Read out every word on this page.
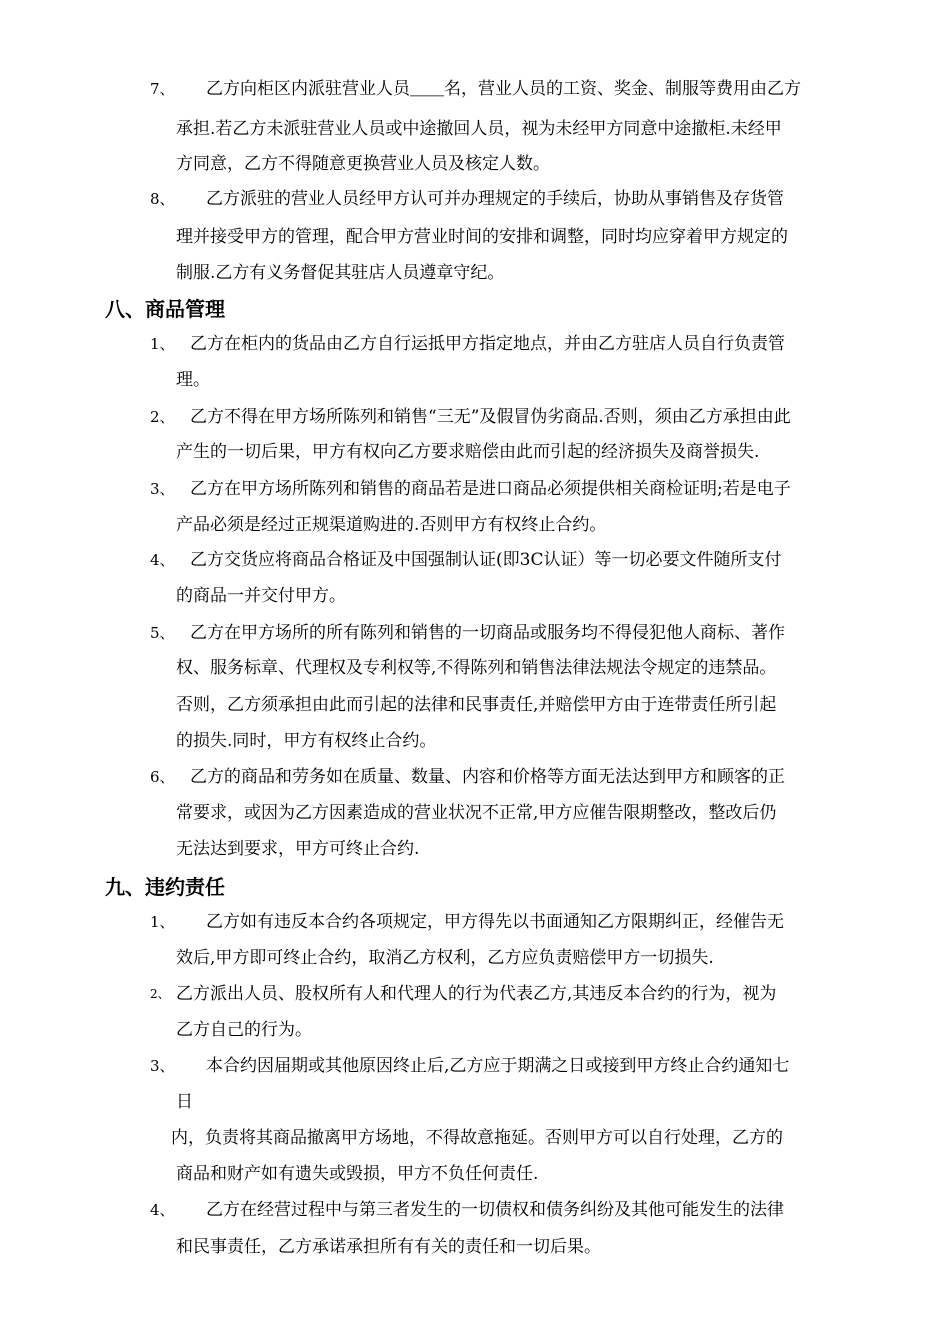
7、 乙方向柜区内派驻营业人员＿＿名，营业人员的工资、奖金、制服等费用由乙方
承担.若乙方未派驻营业人员或中途撤回人员，视为未经甲方同意中途撤柜.未经甲
方同意，乙方不得随意更换营业人员及核定人数。
8、 乙方派驻的营业人员经甲方认可并办理规定的手续后，协助从事销售及存货管
理并接受甲方的管理，配合甲方营业时间的安排和调整，同时均应穿着甲方规定的
制服.乙方有义务督促其驻店人员遵章守纪。
八、商品管理
1、 乙方在柜内的货品由乙方自行运抵甲方指定地点，并由乙方驻店人员自行负责管
理。
2、 乙方不得在甲方场所陈列和销售“三无”及假冒伪劣商品.否则，须由乙方承担由此
产生的一切后果，甲方有权向乙方要求赔偿由此而引起的经济损失及商誉损失.
3、 乙方在甲方场所陈列和销售的商品若是进口商品必须提供相关商检证明;若是电子
产品必须是经过正规渠道购进的.否则甲方有权终止合约。
4、 乙方交货应将商品合格证及中国强制认证(即3C认证）等一切必要文件随所支付
的商品一并交付甲方。
5、 乙方在甲方场所的所有陈列和销售的一切商品或服务均不得侵犯他人商标、著作
权、服务标章、代理权及专利权等,不得陈列和销售法律法规法令规定的违禁品。
否则，乙方须承担由此而引起的法律和民事责任,并赔偿甲方由于连带责任所引起
的损失.同时，甲方有权终止合约。
6、 乙方的商品和劳务如在质量、数量、内容和价格等方面无法达到甲方和顾客的正
常要求，或因为乙方因素造成的营业状况不正常,甲方应催告限期整改，整改后仍
无法达到要求，甲方可终止合约.
九、违约责任
1、 乙方如有违反本合约各项规定，甲方得先以书面通知乙方限期纠正，经催告无
效后,甲方即可终止合约，取消乙方权利，乙方应负责赔偿甲方一切损失.
2、 乙方派出人员、股权所有人和代理人的行为代表乙方,其违反本合约的行为，视为
乙方自己的行为。
3、 本合约因届期或其他原因终止后,乙方应于期满之日或接到甲方终止合约通知七
日
内，负责将其商品撤离甲方场地，不得故意拖延。否则甲方可以自行处理，乙方的
商品和财产如有遗失或毁损，甲方不负任何责任.
4、 乙方在经营过程中与第三者发生的一切债权和债务纠纷及其他可能发生的法律
和民事责任，乙方承诺承担所有有关的责任和一切后果。
